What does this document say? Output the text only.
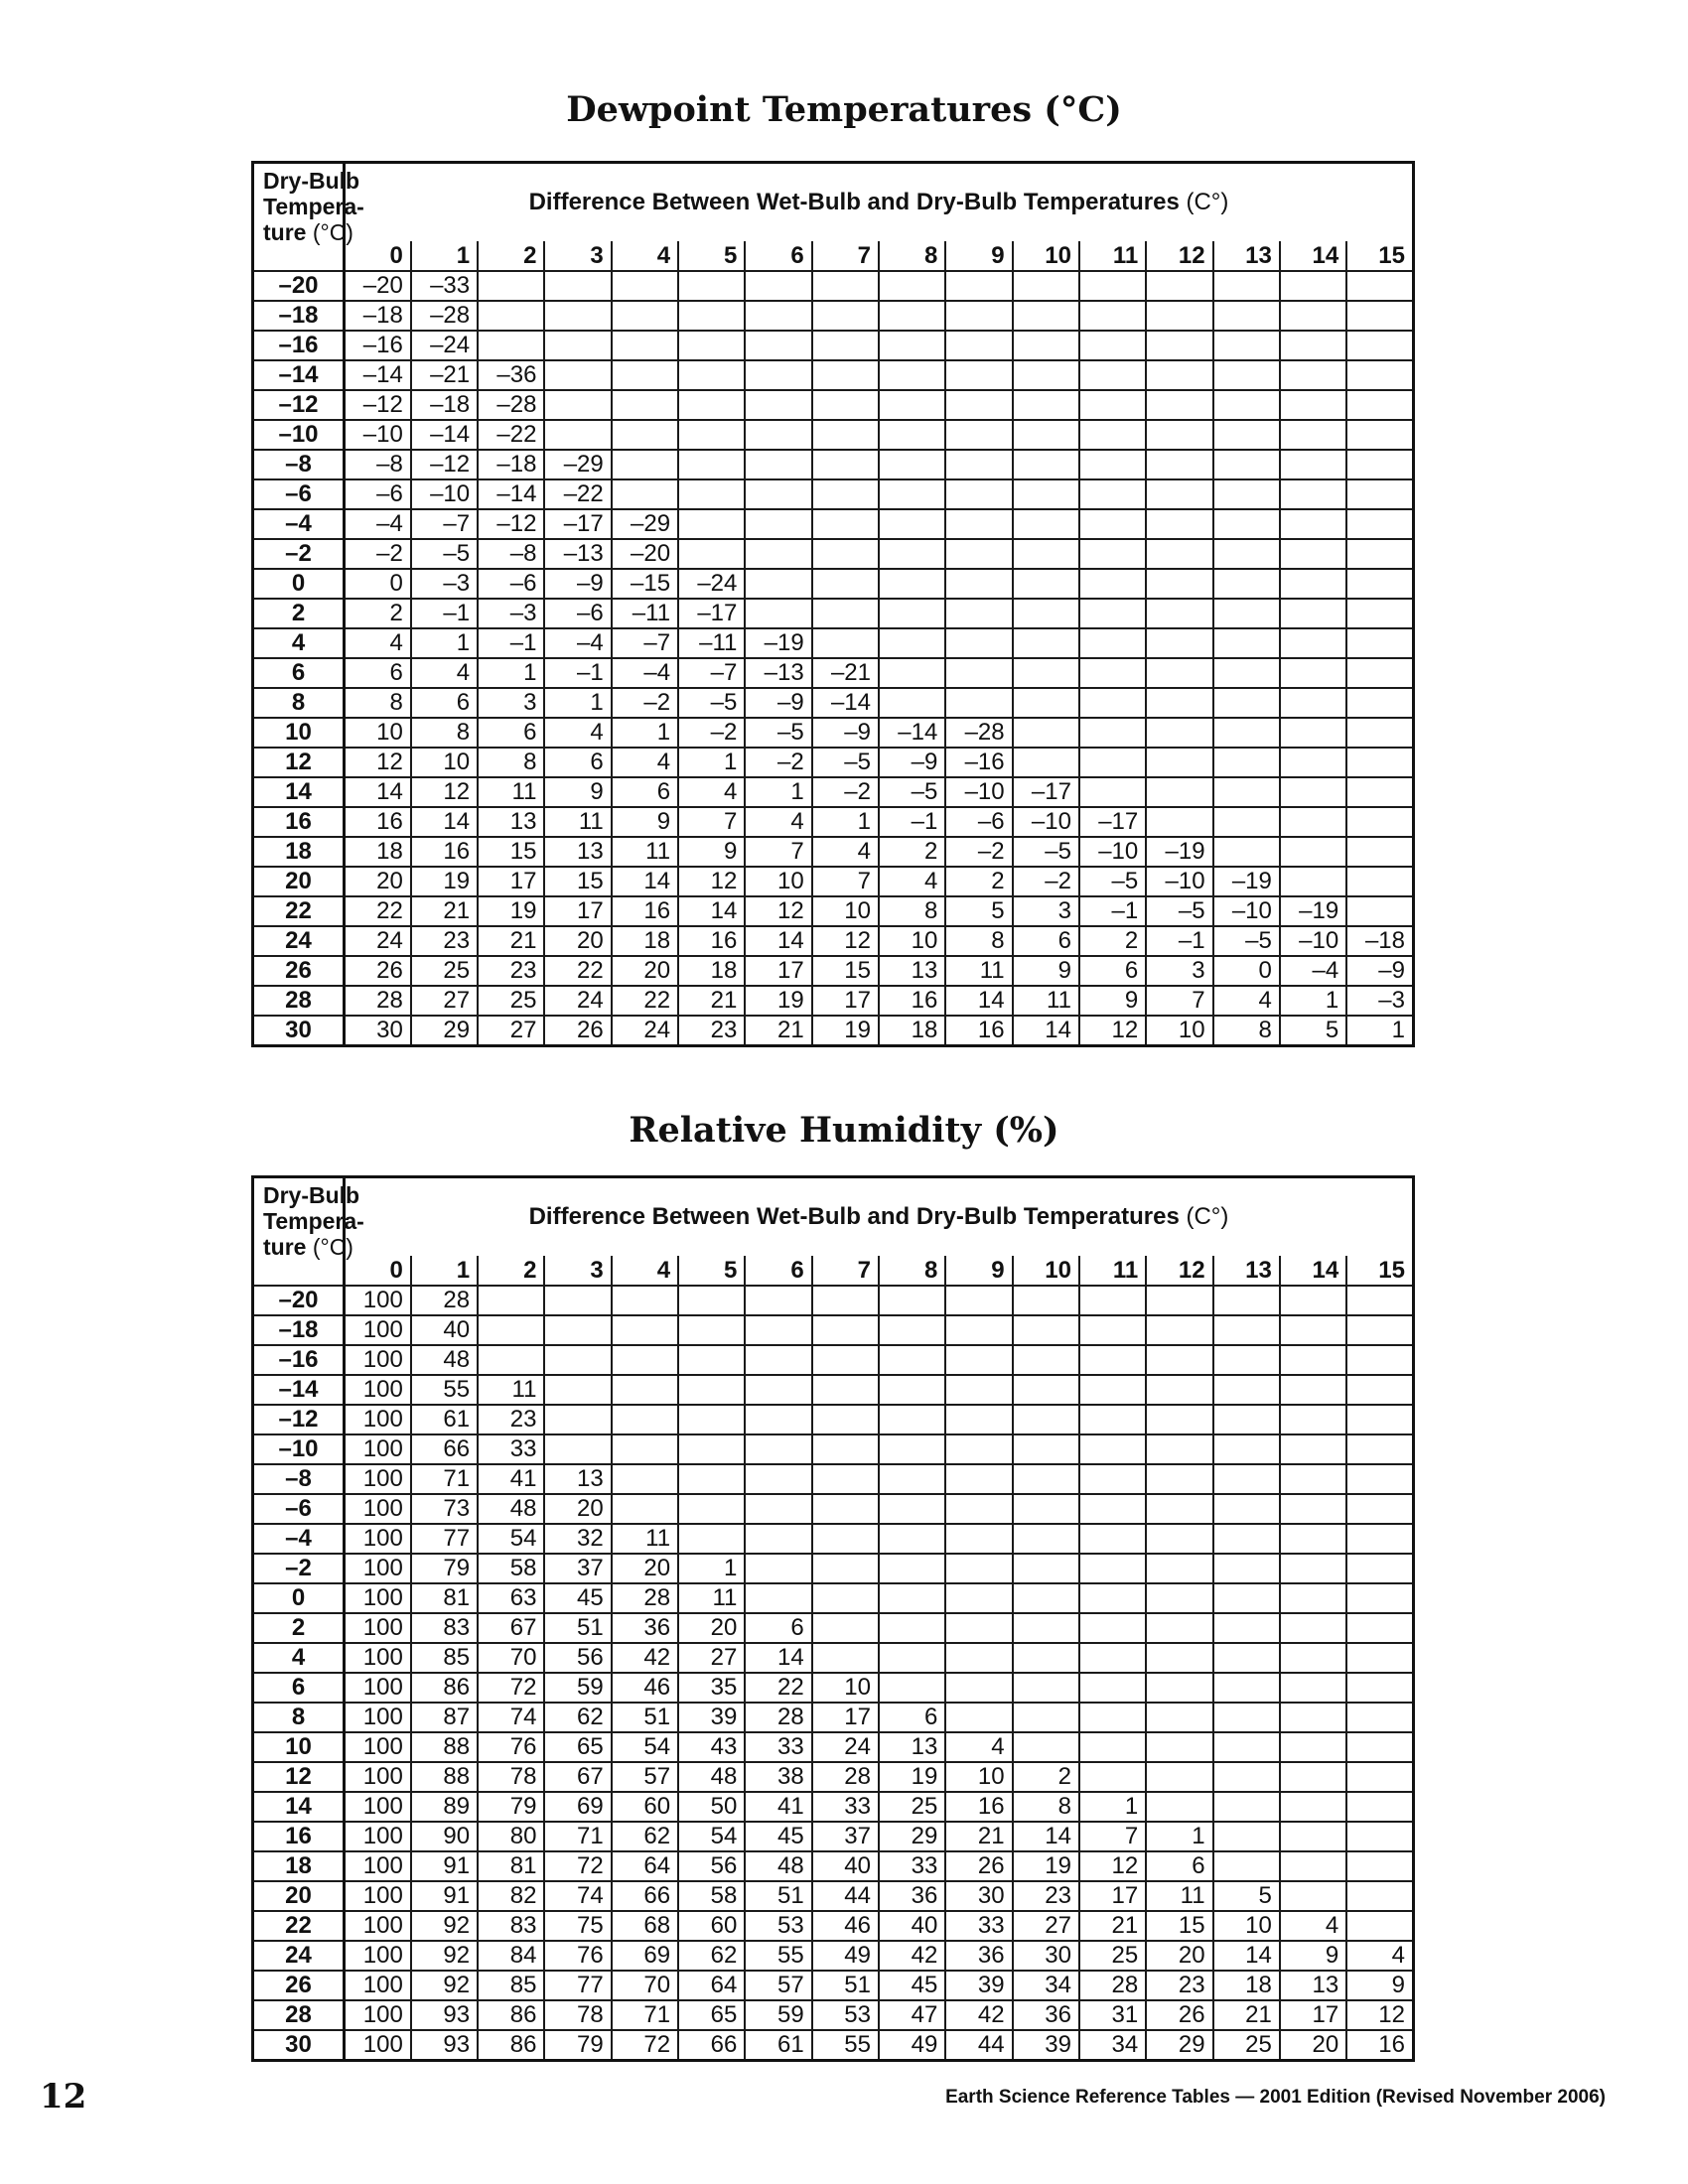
Dewpoint Temperatures (°C)
Dry-Bulb
Tempera-
ture (°C)	Difference Between Wet-Bulb and Dry-Bulb Temperatures (C°)															
	0	1	2	3	4	5	6	7	8	9	10	11	12	13	14	15
–20	–20	–33														
–18	–18	–28														
–16	–16	–24														
–14	–14	–21	–36													
–12	–12	–18	–28													
–10	–10	–14	–22													
–8	–8	–12	–18	–29												
–6	–6	–10	–14	–22												
–4	–4	–7	–12	–17	–29											
–2	–2	–5	–8	–13	–20											
0	0	–3	–6	–9	–15	–24										
2	2	–1	–3	–6	–11	–17										
4	4	1	–1	–4	–7	–11	–19									
6	6	4	1	–1	–4	–7	–13	–21								
8	8	6	3	1	–2	–5	–9	–14								
10	10	8	6	4	1	–2	–5	–9	–14	–28						
12	12	10	8	6	4	1	–2	–5	–9	–16						
14	14	12	11	9	6	4	1	–2	–5	–10	–17					
16	16	14	13	11	9	7	4	1	–1	–6	–10	–17				
18	18	16	15	13	11	9	7	4	2	–2	–5	–10	–19			
20	20	19	17	15	14	12	10	7	4	2	–2	–5	–10	–19		
22	22	21	19	17	16	14	12	10	8	5	3	–1	–5	–10	–19	
24	24	23	21	20	18	16	14	12	10	8	6	2	–1	–5	–10	–18
26	26	25	23	22	20	18	17	15	13	11	9	6	3	0	–4	–9
28	28	27	25	24	22	21	19	17	16	14	11	9	7	4	1	–3
30	30	29	27	26	24	23	21	19	18	16	14	12	10	8	5	1
Relative Humidity (%)
Dry-Bulb
Tempera-
ture (°C)	Difference Between Wet-Bulb and Dry-Bulb Temperatures (C°)															
	0	1	2	3	4	5	6	7	8	9	10	11	12	13	14	15
–20	100	28														
–18	100	40														
–16	100	48														
–14	100	55	11													
–12	100	61	23													
–10	100	66	33													
–8	100	71	41	13												
–6	100	73	48	20												
–4	100	77	54	32	11											
–2	100	79	58	37	20	1										
0	100	81	63	45	28	11										
2	100	83	67	51	36	20	6									
4	100	85	70	56	42	27	14									
6	100	86	72	59	46	35	22	10								
8	100	87	74	62	51	39	28	17	6							
10	100	88	76	65	54	43	33	24	13	4						
12	100	88	78	67	57	48	38	28	19	10	2					
14	100	89	79	69	60	50	41	33	25	16	8	1				
16	100	90	80	71	62	54	45	37	29	21	14	7	1			
18	100	91	81	72	64	56	48	40	33	26	19	12	6			
20	100	91	82	74	66	58	51	44	36	30	23	17	11	5		
22	100	92	83	75	68	60	53	46	40	33	27	21	15	10	4	
24	100	92	84	76	69	62	55	49	42	36	30	25	20	14	9	4
26	100	92	85	77	70	64	57	51	45	39	34	28	23	18	13	9
28	100	93	86	78	71	65	59	53	47	42	36	31	26	21	17	12
30	100	93	86	79	72	66	61	55	49	44	39	34	29	25	20	16
12	Earth Science Reference Tables — 2001 Edition (Revised November 2006)
